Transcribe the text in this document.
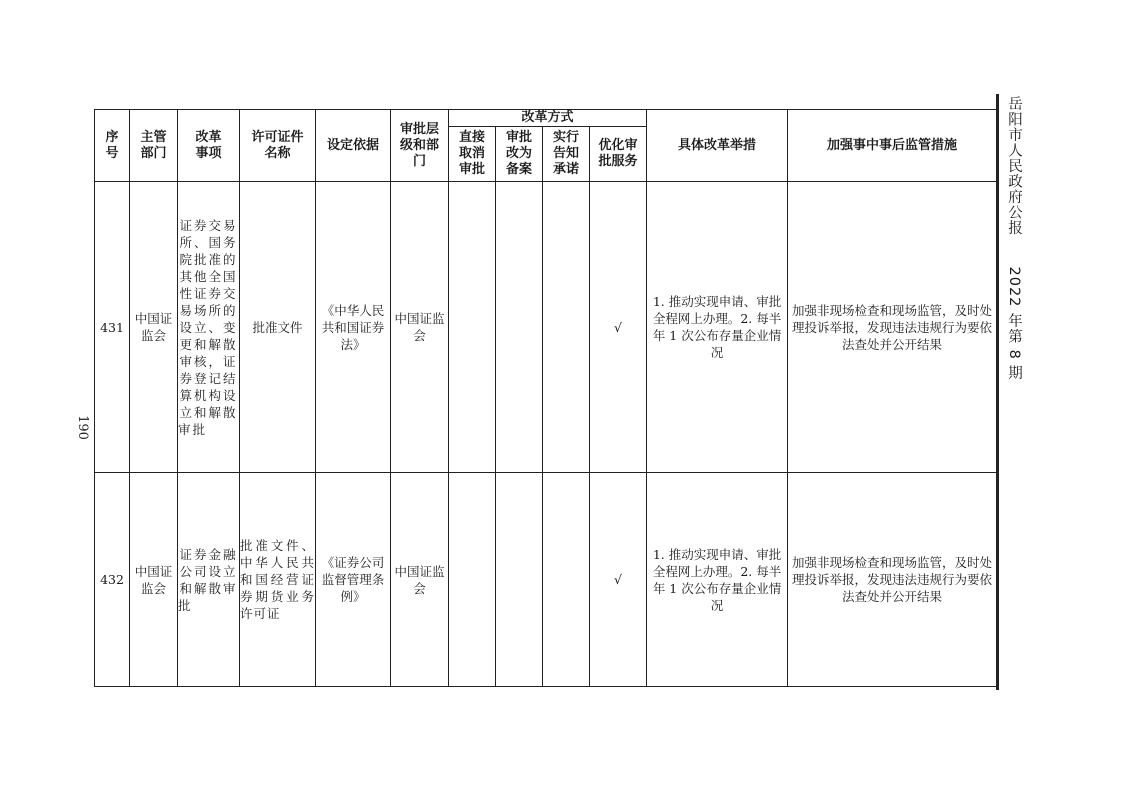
序号	主管部门	改革事项	许可证件名称	设定依据	审批层级和部门	改革方式				具体改革举措	加强事中事后监管措施
						直接取消审批	审批改为备案	实行告知承诺	优化审批服务		
431	中国证监会	证券交易所、国务院批准的其他全国性证券交易场所的设立、变更和解散审核，证券登记结算机构设立和解散审批	批准文件	《中华人民共和国证券法》	中国证监会				√	1. 推动实现申请、审批全程网上办理。2. 每半年 1 次公布存量企业情况	加强非现场检查和现场监管，及时处理投诉举报，发现违法违规行为要依法查处并公开结果
432	中国证监会	证券金融公司设立和解散审批	批准文件、中华人民共和国经营证券期货业务许可证	《证券公司监督管理条例》	中国证监会				√	1. 推动实现申请、审批全程网上办理。2. 每半年 1 次公布存量企业情况	加强非现场检查和现场监管，及时处理投诉举报，发现违法违规行为要依法查处并公开结果
岳阳市人民政府公报　　2022 年第 8 期
190
